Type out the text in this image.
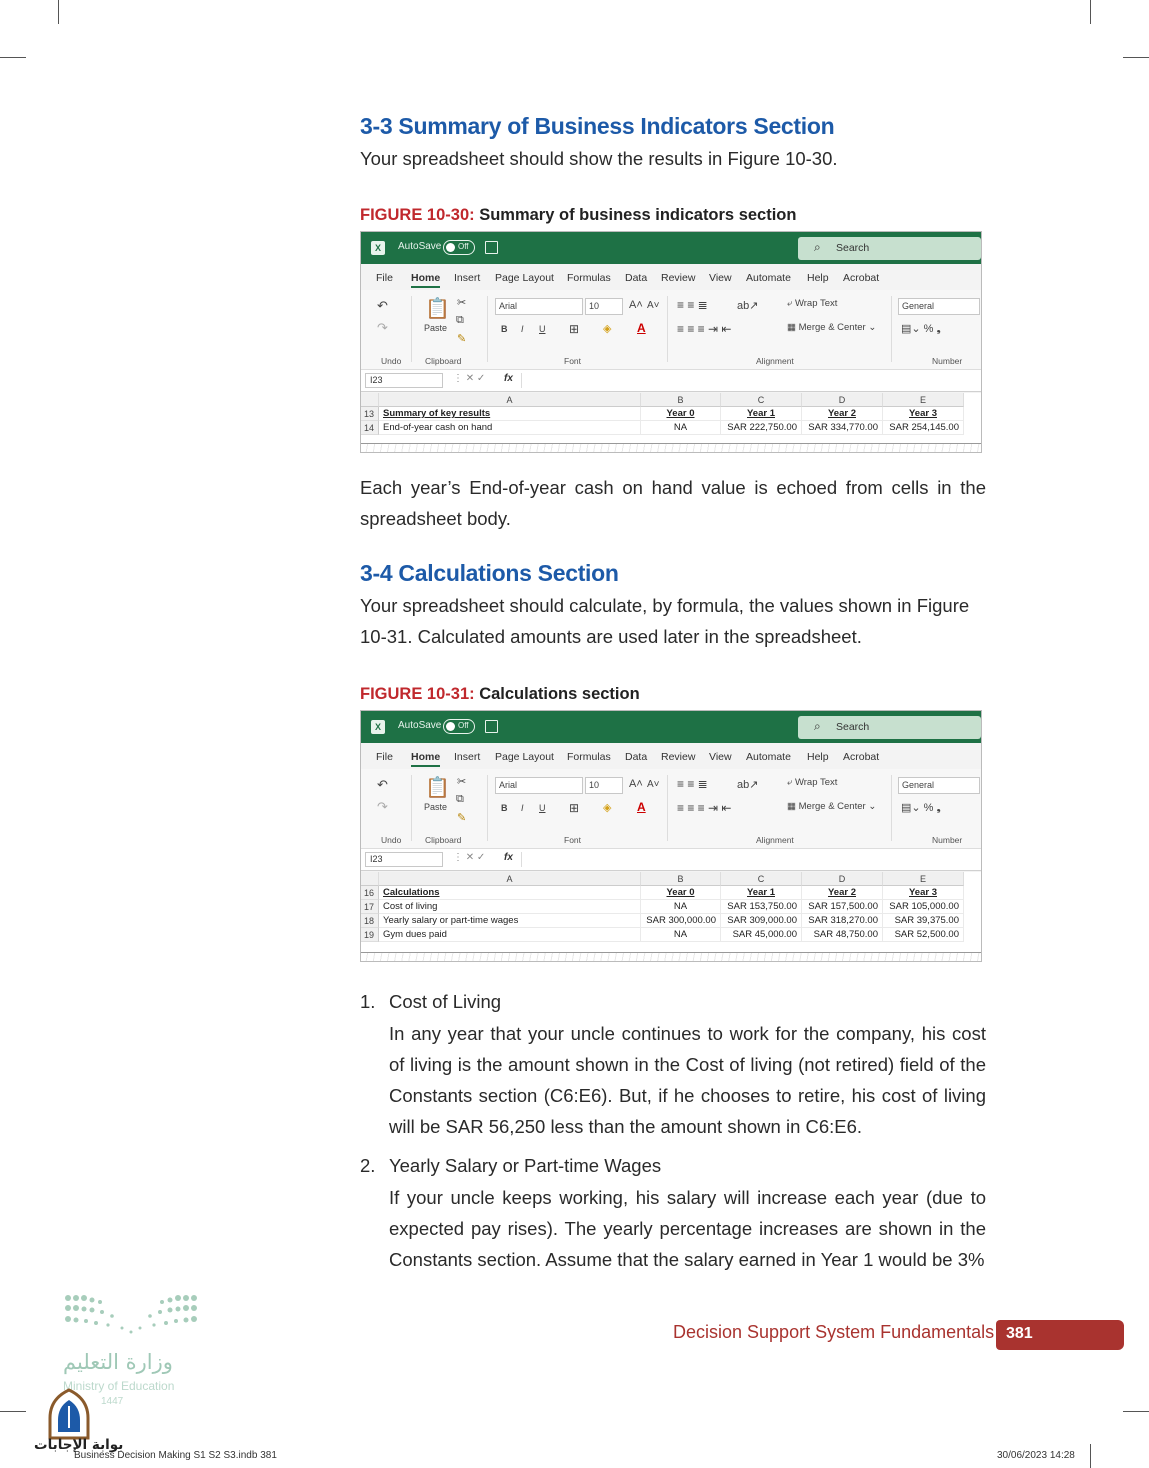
3-3 Summary of Business Indicators Section
Your spreadsheet should show the results in Figure 10-30.
FIGURE 10-30: Summary of business indicators section
X	AutoSave Off	⌕ Search
File Home Insert Page Layout Formulas Data Review View Automate Help Acrobat
↶
↷
Undo
📋
Paste
✂
⧉
✎
Clipboard
Arial	10	A˄ A˅
B I U ⊞ ◈ A
Font
≡ ≡ ≣	ab↗
≡ ≡ ≡ ⇥ ⇤
⤶ Wrap Text
▦ Merge & Center ⌄
Alignment
General
▤⌄ % ❟
Number
I23	⋮ ✕ ✓ fx
A	B	C	D	E
13 Summary of key results	Year 0	Year 1	Year 2	Year 3
14 End-of-year cash on hand	NA	SAR 222,750.00	SAR 334,770.00	SAR 254,145.00
Each year’s End-of-year cash on hand value is echoed from cells in the spreadsheet body.
3-4 Calculations Section
Your spreadsheet should calculate, by formula, the values shown in Figure 10-31. Calculated amounts are used later in the spreadsheet.
FIGURE 10-31: Calculations section
X	AutoSave Off	⌕ Search
File Home Insert Page Layout Formulas Data Review View Automate Help Acrobat
↶
↷
Undo
📋
Paste
✂
⧉
✎
Clipboard
Arial	10	A˄ A˅
B I U ⊞ ◈ A
Font
≡ ≡ ≣	ab↗
≡ ≡ ≡ ⇥ ⇤
⤶ Wrap Text
▦ Merge & Center ⌄
Alignment
General
▤⌄ % ❟
Number
I23	⋮ ✕ ✓ fx
A	B	C	D	E
16 Calculations	Year 0	Year 1	Year 2	Year 3
17 Cost of living	NA	SAR 153,750.00	SAR 157,500.00	SAR 105,000.00
18 Yearly salary or part-time wages	SAR 300,000.00	SAR 309,000.00	SAR 318,270.00	SAR 39,375.00
19 Gym dues paid	NA	SAR 45,000.00	SAR 48,750.00	SAR 52,500.00
1. Cost of Living
In any year that your uncle continues to work for the company, his cost of living is the amount shown in the Cost of living (not retired) field of the Constants section (C6:E6). But, if he chooses to retire, his cost of living will be SAR 56,250 less than the amount shown in C6:E6.
2. Yearly Salary or Part-time Wages
If your uncle keeps working, his salary will increase each year (due to expected pay rises). The yearly percentage increases are shown in the Constants section. Assume that the salary earned in Year 1 would be 3%
وزارة التعليم
Ministry of Education
1447
بوابة الإجابات
Decision Support System Fundamentals 381
Business Decision Making S1 S2 S3.indb 381	30/06/2023 14:28
